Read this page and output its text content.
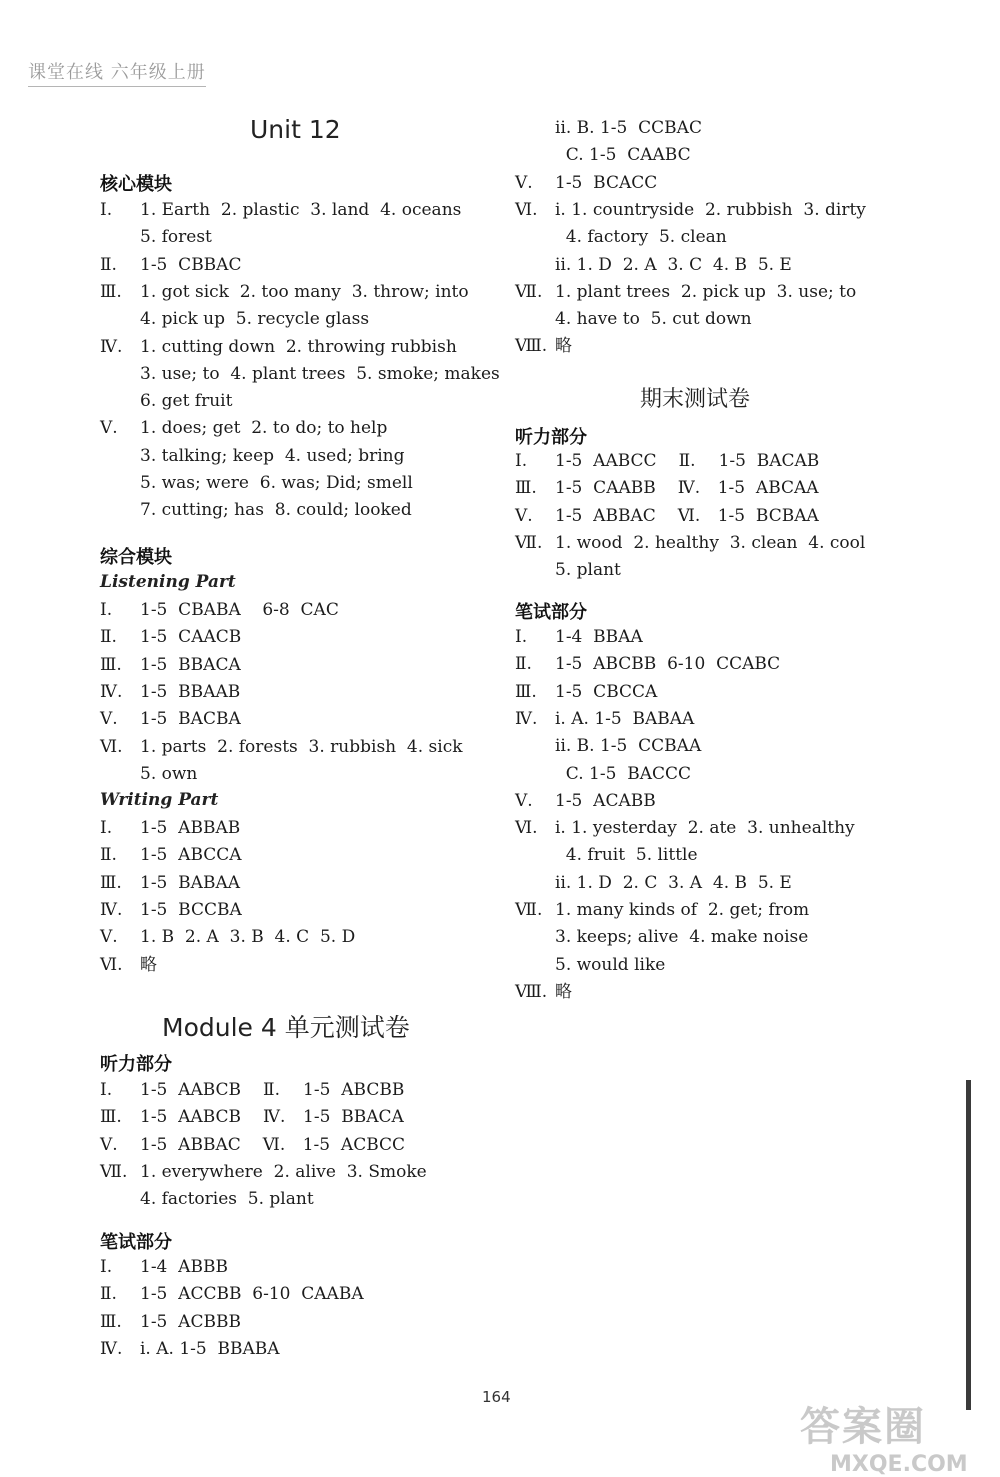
课堂在线 六年级上册
Unit 12
核心模块
Ⅰ. 1. Earth  2. plastic  3. land  4. oceans
5. forest
Ⅱ. 1-5  CBBAC
Ⅲ. 1. got sick  2. too many  3. throw; into
4. pick up  5. recycle glass
Ⅳ. 1. cutting down  2. throwing rubbish
3. use; to  4. plant trees  5. smoke; makes
6. get fruit
Ⅴ. 1. does; get  2. to do; to help
3. talking; keep  4. used; bring
5. was; were  6. was; Did; smell
7. cutting; has  8. could; looked
综合模块
Listening Part
Ⅰ. 1-5  CBABA    6-8  CAC
Ⅱ. 1-5  CAACB
Ⅲ. 1-5  BBACA
Ⅳ. 1-5  BBAAB
Ⅴ. 1-5  BACBA
Ⅵ. 1. parts  2. forests  3. rubbish  4. sick
5. own
Writing Part
Ⅰ. 1-5  ABBAB
Ⅱ. 1-5  ABCCA
Ⅲ. 1-5  BABAA
Ⅳ. 1-5  BCCBA
Ⅴ. 1. B  2. A  3. B  4. C  5. D
Ⅵ. 略
Module 4 单元测试卷
听力部分
Ⅰ. 1-5  AABCB Ⅱ. 1-5  ABCBB
Ⅲ. 1-5  AABCB Ⅳ. 1-5  BBACA
Ⅴ. 1-5  ABBAC Ⅵ. 1-5  ACBCC
Ⅶ. 1. everywhere  2. alive  3. Smoke
4. factories  5. plant
笔试部分
Ⅰ. 1-4  ABBB
Ⅱ. 1-5  ACCBB  6-10  CAABA
Ⅲ. 1-5  ACBBB
Ⅳ. ⅰ. A. 1-5  BBABA
ⅱ. B. 1-5  CCBAC
C. 1-5  CAABC
Ⅴ. 1-5  BCACC
Ⅵ. ⅰ. 1. countryside  2. rubbish  3. dirty
4. factory  5. clean
ⅱ. 1. D  2. A  3. C  4. B  5. E
Ⅶ. 1. plant trees  2. pick up  3. use; to
4. have to  5. cut down
Ⅷ. 略
期末测试卷
听力部分
Ⅰ. 1-5  AABCC Ⅱ. 1-5  BACAB
Ⅲ. 1-5  CAABB Ⅳ. 1-5  ABCAA
Ⅴ. 1-5  ABBAC Ⅵ. 1-5  BCBAA
Ⅶ. 1. wood  2. healthy  3. clean  4. cool
5. plant
笔试部分
Ⅰ. 1-4  BBAA
Ⅱ. 1-5  ABCBB  6-10  CCABC
Ⅲ. 1-5  CBCCA
Ⅳ. ⅰ. A. 1-5  BABAA
ⅱ. B. 1-5  CCBAA
C. 1-5  BACCC
Ⅴ. 1-5  ACABB
Ⅵ. ⅰ. 1. yesterday  2. ate  3. unhealthy
4. fruit  5. little
ⅱ. 1. D  2. C  3. A  4. B  5. E
Ⅶ. 1. many kinds of  2. get; from
3. keeps; alive  4. make noise
5. would like
Ⅷ. 略
164
答案圈
MXQE.COM
